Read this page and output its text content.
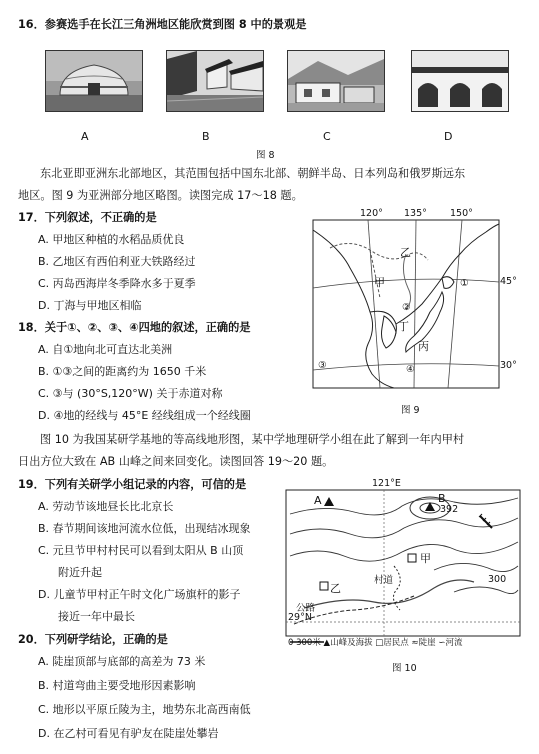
16．参赛选手在长江三角洲地区能欣赏到图 8 中的景观是
A	B	C	D
图 8
东北亚即亚洲东北部地区，其范围包括中国东北部、朝鲜半岛、日本列岛和俄罗斯远东
地区。图 9 为亚洲部分地区略图。读图完成 17～18 题。
17．下列叙述，不正确的是
A. 甲地区种植的水稻品质优良
B. 乙地区有西伯利亚大铁路经过
C. 丙岛西海岸冬季降水多于夏季
D. 丁海与甲地区相临
18．关于①、②、③、④四地的叙述，正确的是
A. 自①地向北可直达北美洲
B. ①③之间的距离约为 1650 千米
C. ③与 (30°S,120°W) 关于赤道对称
D. ④地的经线与 45°E 经线组成一个经线圈
120° 135° 150°
45°
30°
乙
甲
丁
丙
①
②
③	④
图 9
图 10 为我国某研学基地的等高线地形图，某中学地理研学小组在此了解到一年内甲村
日出方位大致在 AB 山峰之间来回变化。读图回答 19～20 题。
19．下列有关研学小组记录的内容，可信的是
A. 劳动节该地昼长比北京长
B. 春节期间该地河流水位低，出现结冰现象
C. 元旦节甲村村民可以看到太阳从 B 山顶
附近升起
D. 儿童节甲村正午时文化广场旗杆的影子
接近一年中最长
20．下列研学结论，正确的是
A. 陡崖顶部与底部的高差为 73 米
B. 村道弯曲主要受地形因素影响
C. 地形以平原丘陵为主，地势东北高西南低
D. 在乙村可看见有驴友在陡崖处攀岩
121°E
29°N
A	B
392
300
甲
乙
村道
公路
0 300米 ▲山峰及海拔 □居民点 ≈陡崖 ∽河流
图 10
